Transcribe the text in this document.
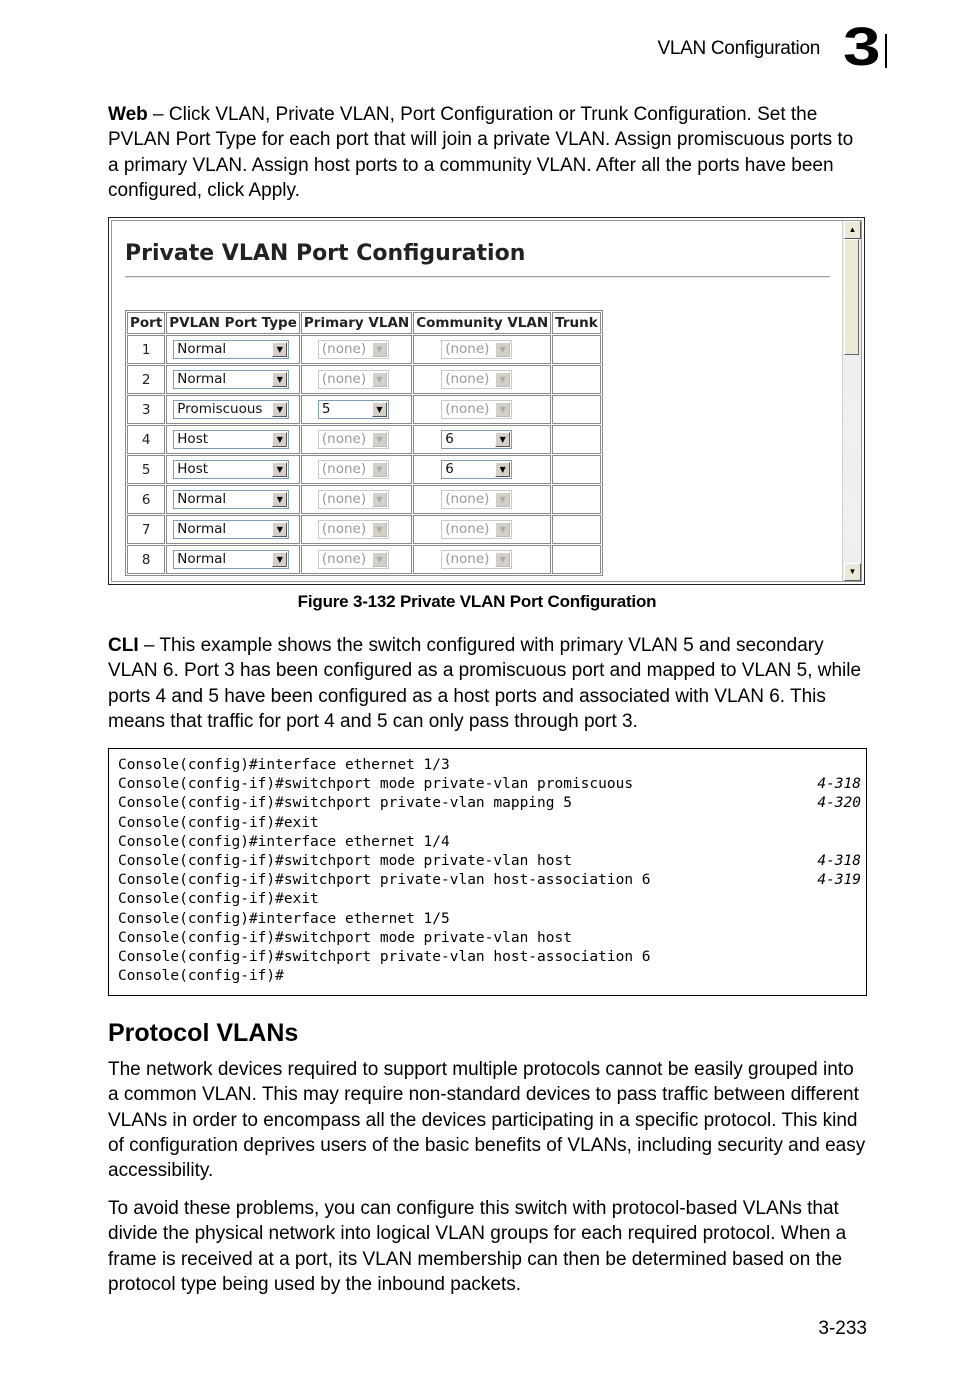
VLAN Configuration 3

Web – Click VLAN, Private VLAN, Port Configuration or Trunk Configuration. Set the PVLAN Port Type for each port that will join a private VLAN. Assign promiscuous ports to a primary VLAN. Assign host ports to a community VLAN. After all the ports have been configured, click Apply.

Private VLAN Port Configuration
Port	PVLAN Port Type	Primary VLAN	Community VLAN	Trunk
1	Normal ▼	(none) ▼	(none) ▼	

2	Normal ▼	(none) ▼	(none) ▼	

3	Promiscuous ▼	5 ▼	(none) ▼	

4	Host ▼	(none) ▼	6 ▼	

5	Host ▼	(none) ▼	6 ▼	

6	Normal ▼	(none) ▼	(none) ▼	

7	Normal ▼	(none) ▼	(none) ▼	

8	Normal ▼	(none) ▼	(none) ▼	

▲
▼
Figure 3-132 Private VLAN Port Configuration

CLI – This example shows the switch configured with primary VLAN 5 and secondary VLAN 6. Port 3 has been configured as a promiscuous port and mapped to VLAN 5, while ports 4 and 5 have been configured as a host ports and associated with VLAN 6. This means that traffic for port 4 and 5 can only pass through port 3.

Console(config)#interface ethernet 1/3
Console(config-if)#switchport mode private-vlan promiscuous	4-318
Console(config-if)#switchport private-vlan mapping 5	4-320
Console(config-if)#exit
Console(config)#interface ethernet 1/4
Console(config-if)#switchport mode private-vlan host	4-318
Console(config-if)#switchport private-vlan host-association 6	4-319
Console(config-if)#exit
Console(config)#interface ethernet 1/5
Console(config-if)#switchport mode private-vlan host
Console(config-if)#switchport private-vlan host-association 6
Console(config-if)#
Protocol VLANs

The network devices required to support multiple protocols cannot be easily grouped into a common VLAN. This may require non-standard devices to pass traffic between different VLANs in order to encompass all the devices participating in a specific protocol. This kind of configuration deprives users of the basic benefits of VLANs, including security and easy accessibility.

To avoid these problems, you can configure this switch with protocol-based VLANs that divide the physical network into logical VLAN groups for each required protocol. When a frame is received at a port, its VLAN membership can then be determined based on the protocol type being used by the inbound packets.

3-233
